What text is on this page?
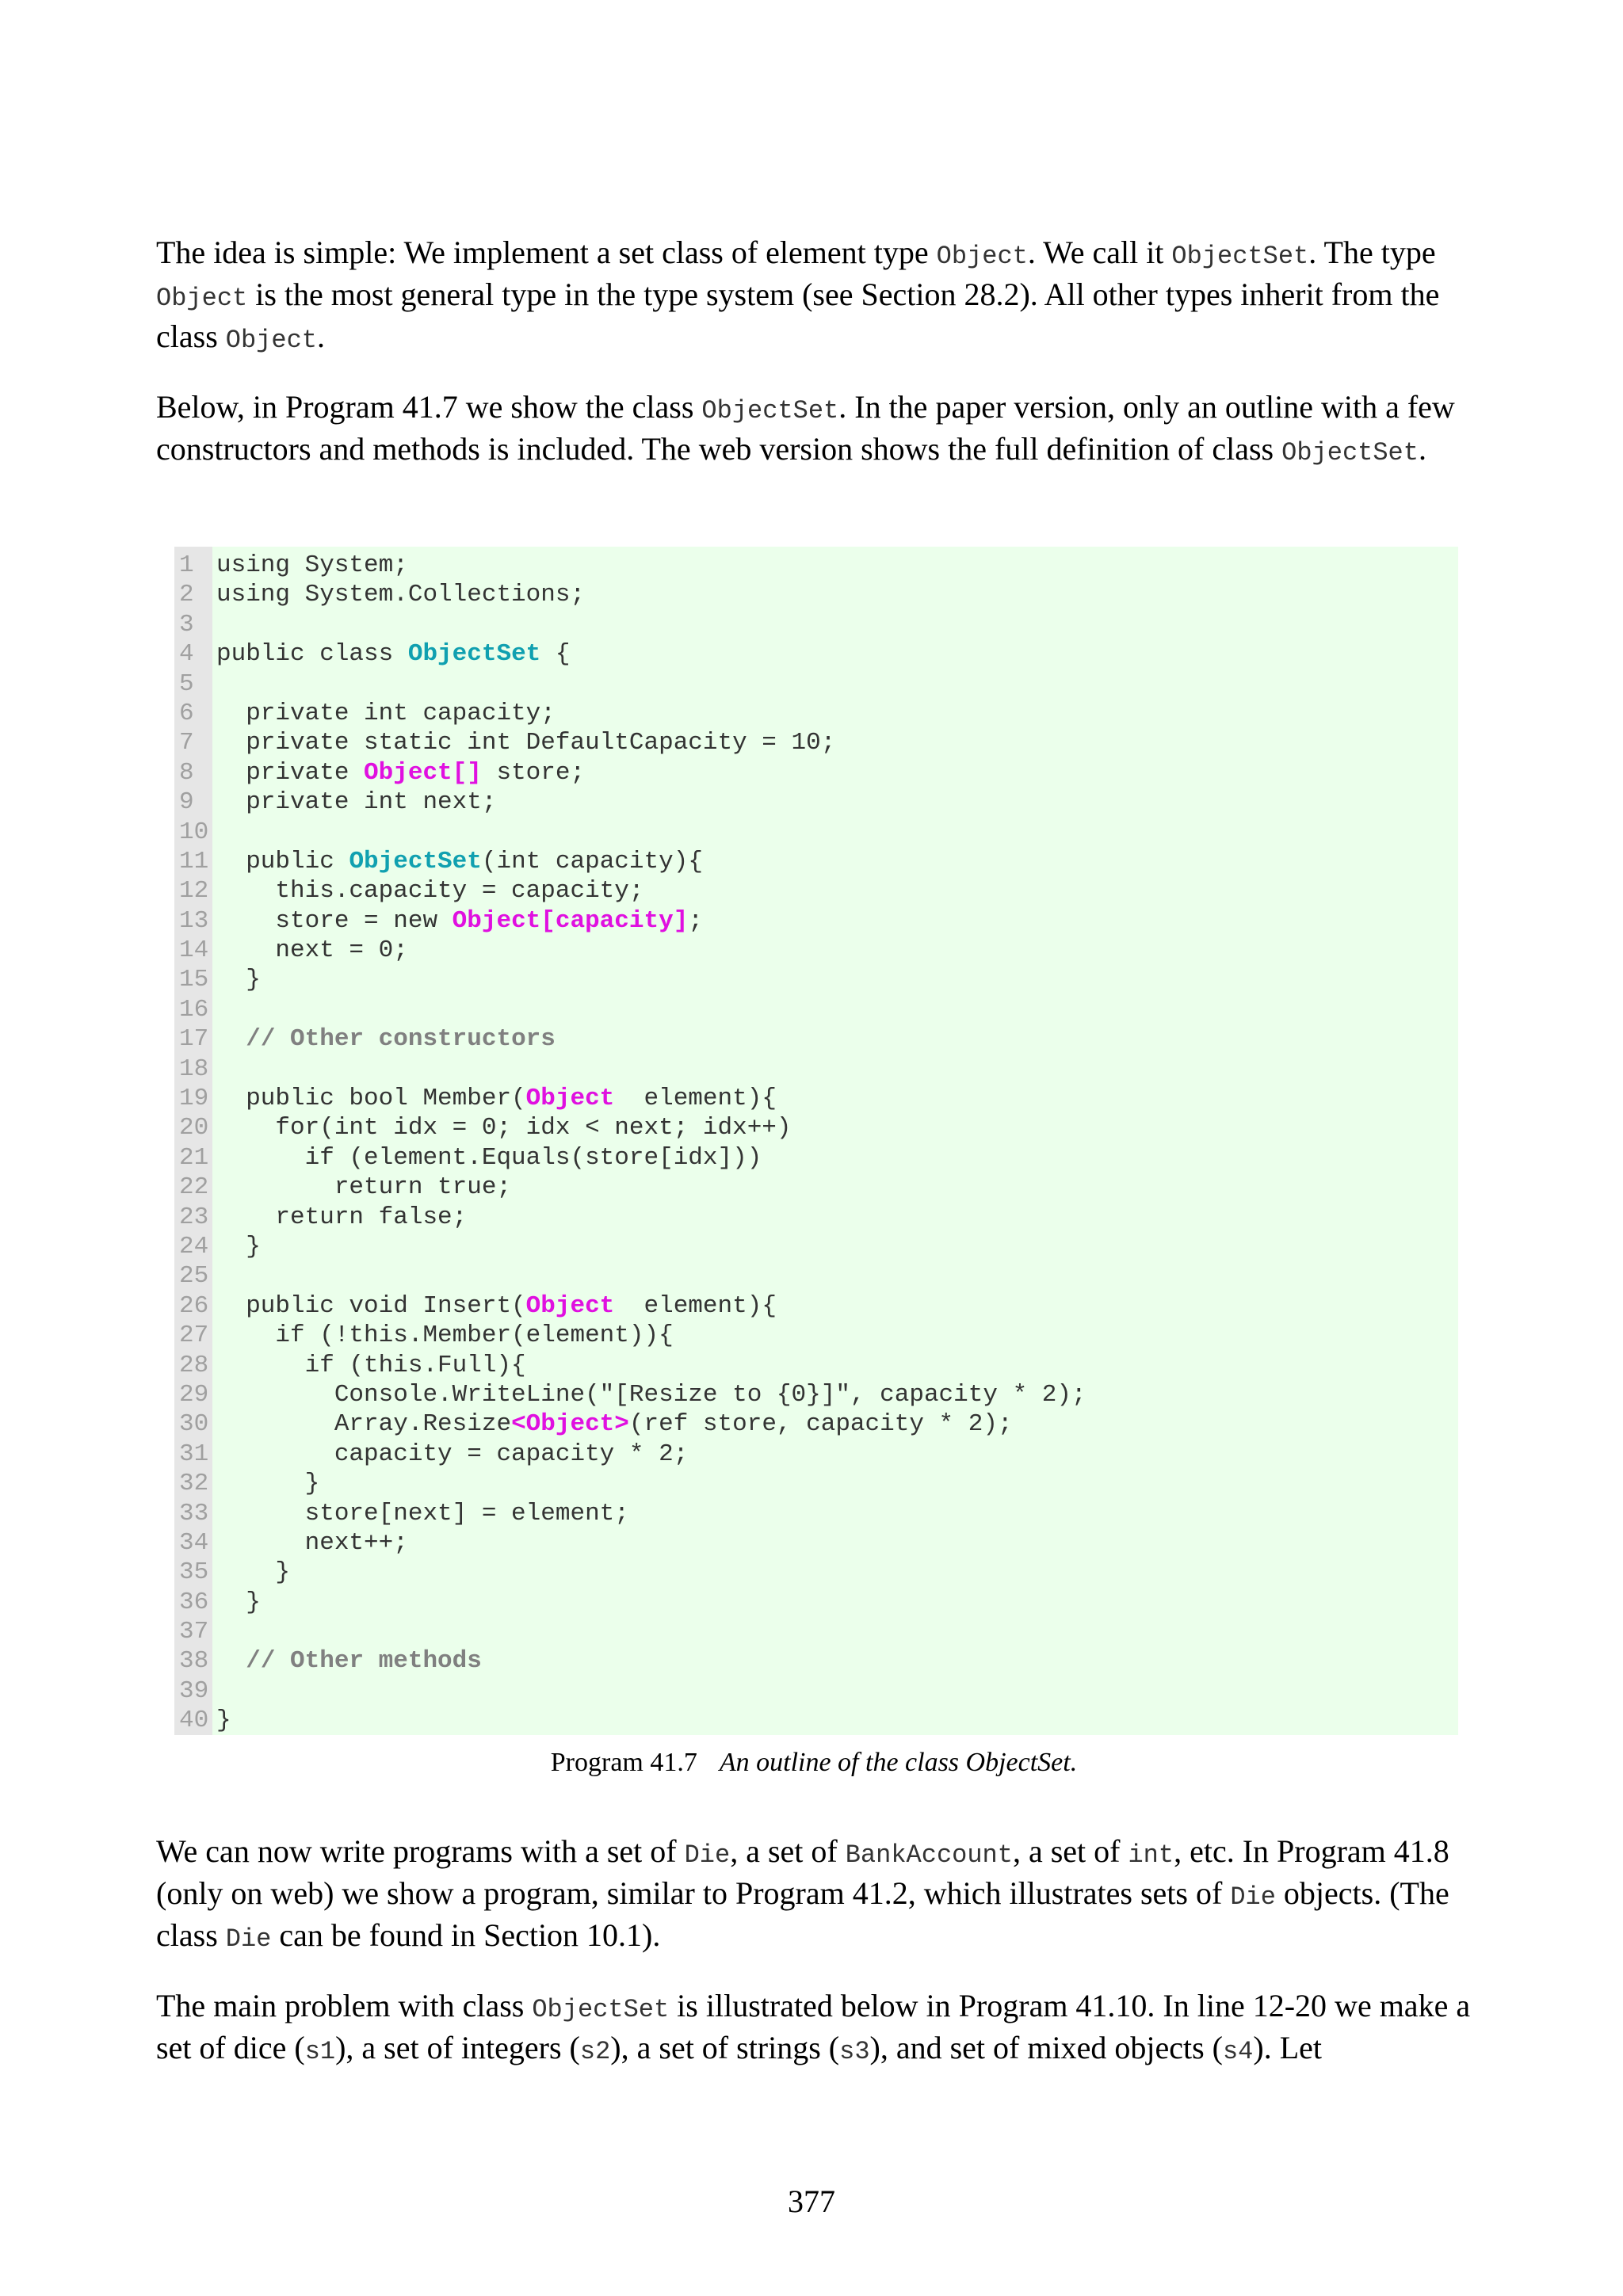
The idea is simple: We implement a set class of element type Object. We call it ObjectSet. The type Object is the most general type in the type system (see Section 28.2). All other types inherit from the class Object.

Below, in Program 41.7 we show the class ObjectSet. In the paper version, only an outline with a few constructors and methods is included. The web version shows the full definition of class ObjectSet.

1
2
3
4
5
6
7
8
9
10
11
12
13
14
15
16
17
18
19
20
21
22
23
24
25
26
27
28
29
30
31
32
33
34
35
36
37
38
39
40
using System;
using System.Collections;

public class ObjectSet {

private int capacity;
private static int DefaultCapacity = 10;
private Object[] store;
private int next;

public ObjectSet(int capacity){
this.capacity = capacity;
store = new Object[capacity];
next = 0;
}

// Other constructors

public bool Member(Object  element){
for(int idx = 0; idx < next; idx++)
if (element.Equals(store[idx]))
return true;
return false;
}

public void Insert(Object  element){
if (!this.Member(element)){
if (this.Full){
Console.WriteLine("[Resize to {0}]", capacity * 2);
Array.Resize<Object>(ref store, capacity * 2);
capacity = capacity * 2;
}
store[next] = element;
next++;
}
}

// Other methods

}
Program 41.7 An outline of the class ObjectSet.

We can now write programs with a set of Die, a set of BankAccount, a set of int, etc. In Program 41.8 (only on web) we show a program, similar to Program 41.2, which illustrates sets of Die objects. (The class Die can be found in Section 10.1).

The main problem with class ObjectSet is illustrated below in Program 41.10. In line 12-20 we make a set of dice (s1), a set of integers (s2), a set of strings (s3), and set of mixed objects (s4). Let

377
